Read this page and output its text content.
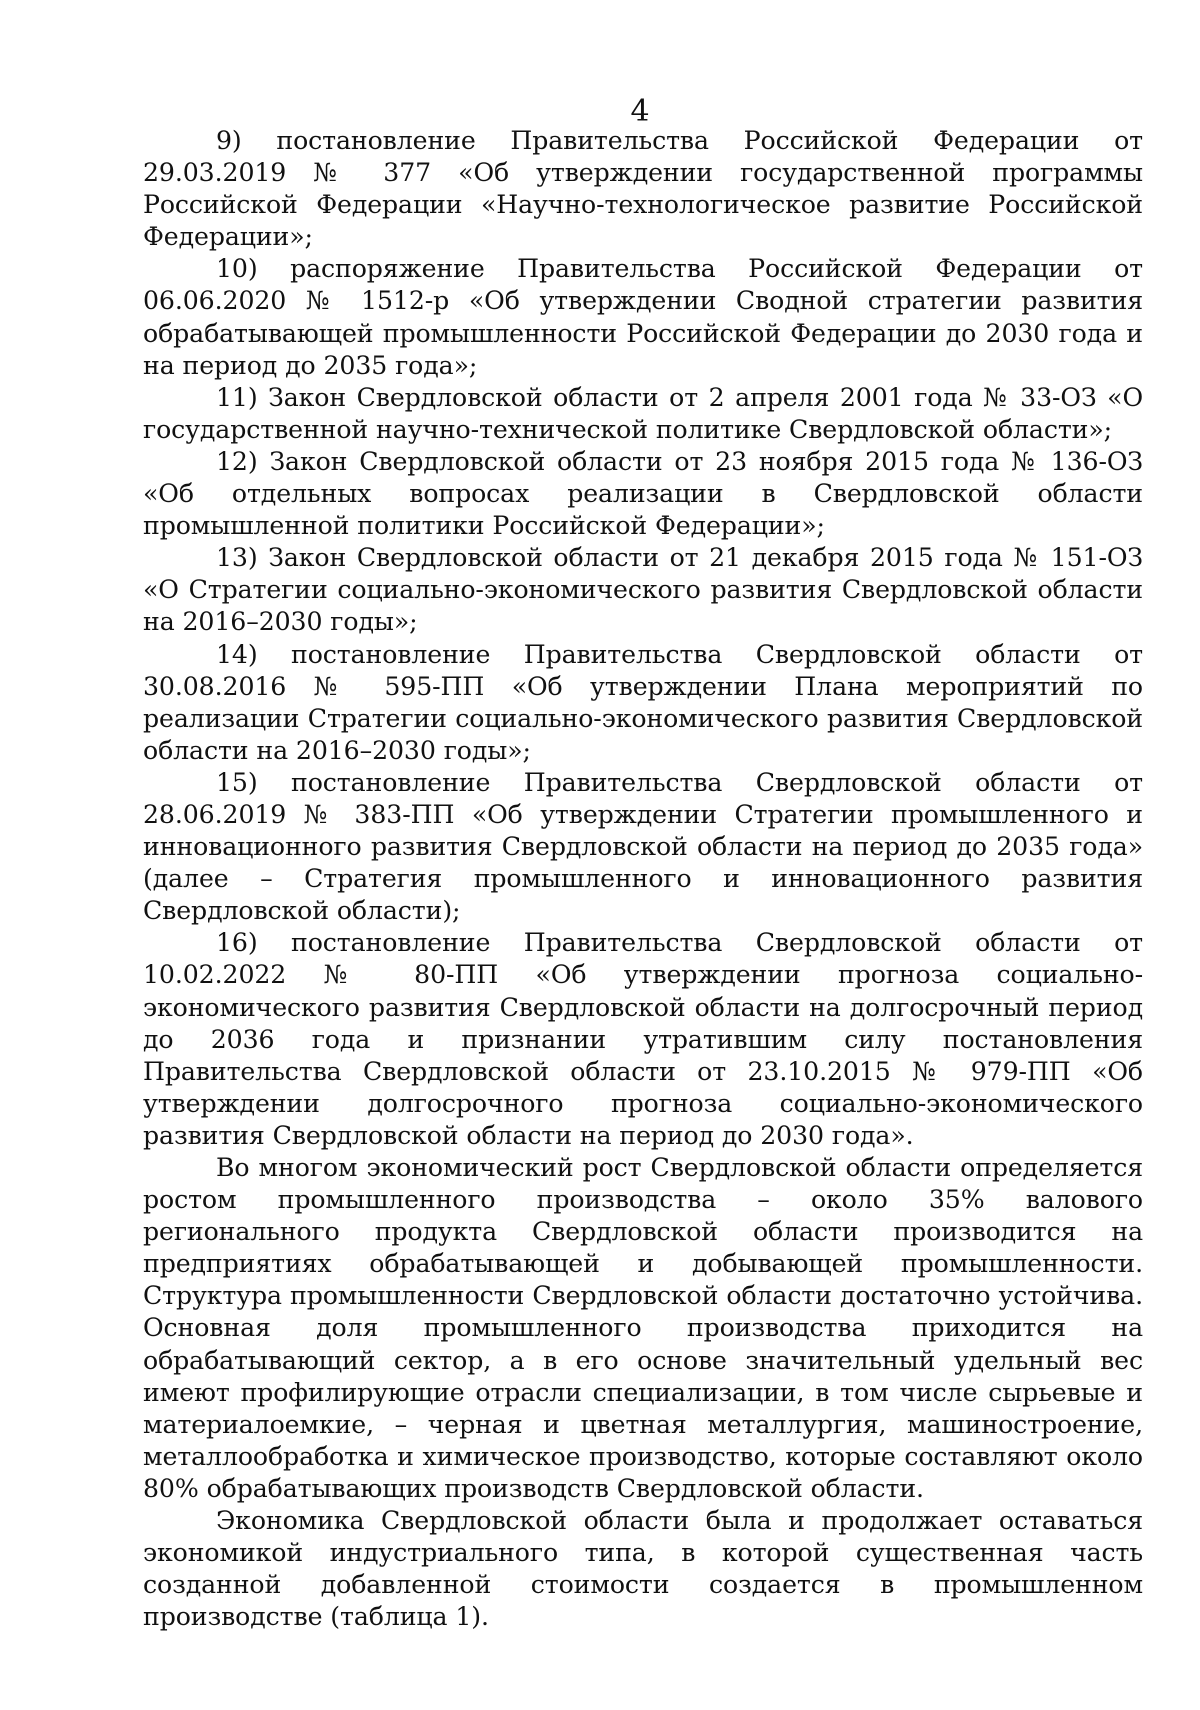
4

9) постановление Правительства Российской Федерации от 29.03.2019 № 377 «Об утверждении государственной программы Российской Федерации «Научно-технологическое развитие Российской Федерации»;

10) распоряжение Правительства Российской Федерации от 06.06.2020 № 1512-р «Об утверждении Сводной стратегии развития обрабатывающей промышленности Российской Федерации до 2030 года и на период до 2035 года»;

11) Закон Свердловской области от 2 апреля 2001 года № 33-ОЗ «О государственной научно-технической политике Свердловской области»;

12) Закон Свердловской области от 23 ноября 2015 года № 136-ОЗ «Об отдельных вопросах реализации в Свердловской области промышленной политики Российской Федерации»;

13) Закон Свердловской области от 21 декабря 2015 года № 151-ОЗ «О Стратегии социально-экономического развития Свердловской области на 2016–2030 годы»;

14) постановление Правительства Свердловской области от 30.08.2016 № 595-ПП «Об утверждении Плана мероприятий по реализации Стратегии социально-экономического развития Свердловской области на 2016–2030 годы»;

15) постановление Правительства Свердловской области от 28.06.2019 № 383-ПП «Об утверждении Стратегии промышленного и инновационного развития Свердловской области на период до 2035 года» (далее – Стратегия промышленного и инновационного развития Свердловской области);

16) постановление Правительства Свердловской области от 10.02.2022 № 80-ПП «Об утверждении прогноза социально-экономического развития Свердловской области на долгосрочный период до 2036 года и признании утратившим силу постановления Правительства Свердловской области от 23.10.2015 № 979-ПП «Об утверждении долгосрочного прогноза социально-экономического развития Свердловской области на период до 2030 года».

Во многом экономический рост Свердловской области определяется ростом промышленного производства – около 35% валового регионального продукта Свердловской области производится на предприятиях обрабатывающей и добывающей промышленности. Структура промышленности Свердловской области достаточно устойчива. Основная доля промышленного производства приходится на обрабатывающий сектор, а в его основе значительный удельный вес имеют профилирующие отрасли специализации, в том числе сырьевые и материалоемкие, – черная и цветная металлургия, машиностроение, металлообработка и химическое производство, которые составляют около 80% обрабатывающих производств Свердловской области.

Экономика Свердловской области была и продолжает оставаться экономикой индустриального типа, в которой существенная часть созданной добавленной стоимости создается в промышленном производстве (таблица 1).
